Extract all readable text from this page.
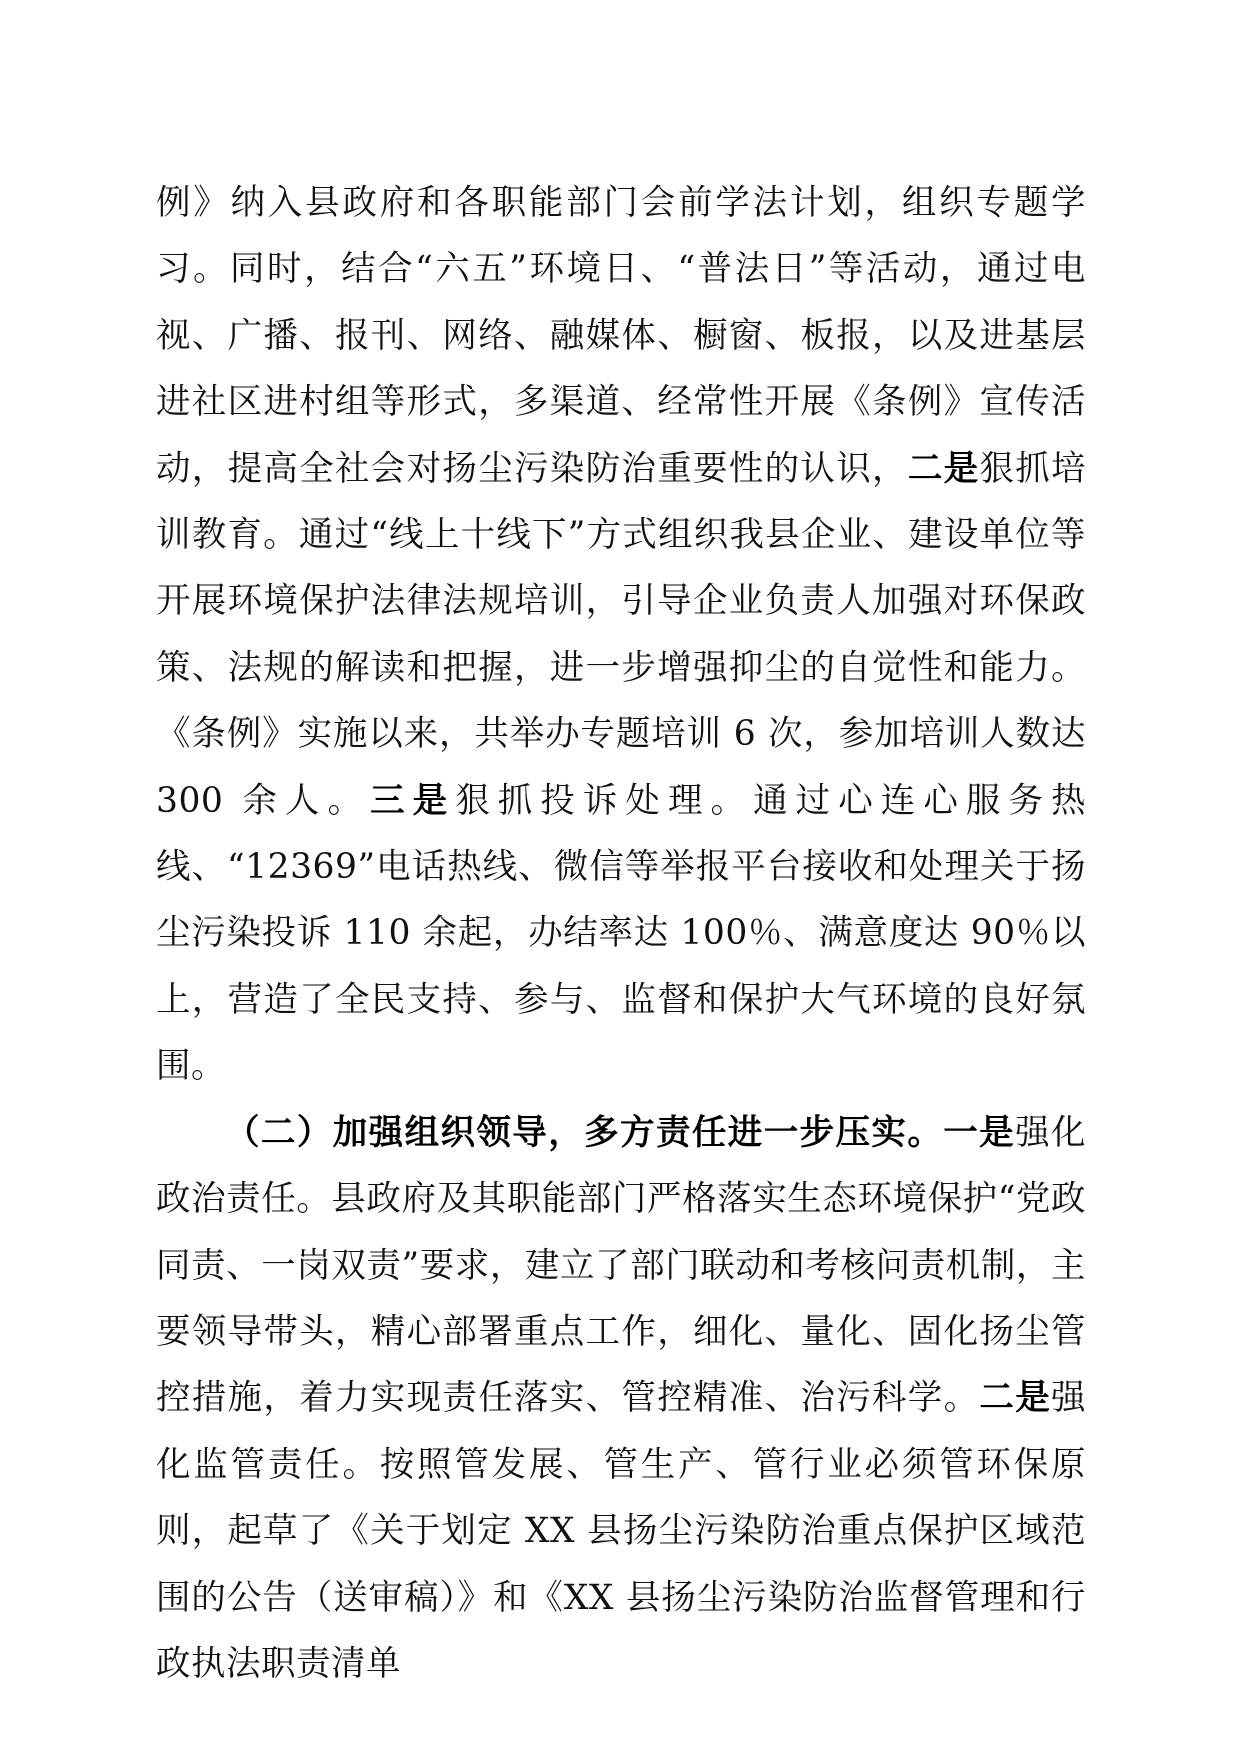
例》纳入县政府和各职能部门会前学法计划，组织专题学习。同时，结合“六五”环境日、“普法日”等活动，通过电视、广播、报刊、网络、融媒体、橱窗、板报，以及进基层进社区进村组等形式，多渠道、经常性开展《条例》宣传活动，提高全社会对扬尘污染防治重要性的认识，二是狠抓培训教育。通过“线上十线下”方式组织我县企业、建设单位等开展环境保护法律法规培训，引导企业负责人加强对环保政策、法规的解读和把握，进一步增强抑尘的自觉性和能力。《条例》实施以来，共举办专题培训 6 次，参加培训人数达 300 余人。三是狠抓投诉处理。通过心连心服务热线、“12369”电话热线、微信等举报平台接收和处理关于扬尘污染投诉 110 余起，办结率达 100％、满意度达 90％以上，营造了全民支持、参与、监督和保护大气环境的良好氛围。

（二）加强组织领导，多方责任进一步压实。一是强化政治责任。县政府及其职能部门严格落实生态环境保护“党政同责、一岗双责”要求，建立了部门联动和考核问责机制，主要领导带头，精心部署重点工作，细化、量化、固化扬尘管控措施，着力实现责任落实、管控精准、治污科学。二是强化监管责任。按照管发展、管生产、管行业必须管环保原则，起草了《关于划定 XX 县扬尘污染防治重点保护区域范围的公告（送审稿）》和《XX 县扬尘污染防治监督管理和行政执法职责清单
